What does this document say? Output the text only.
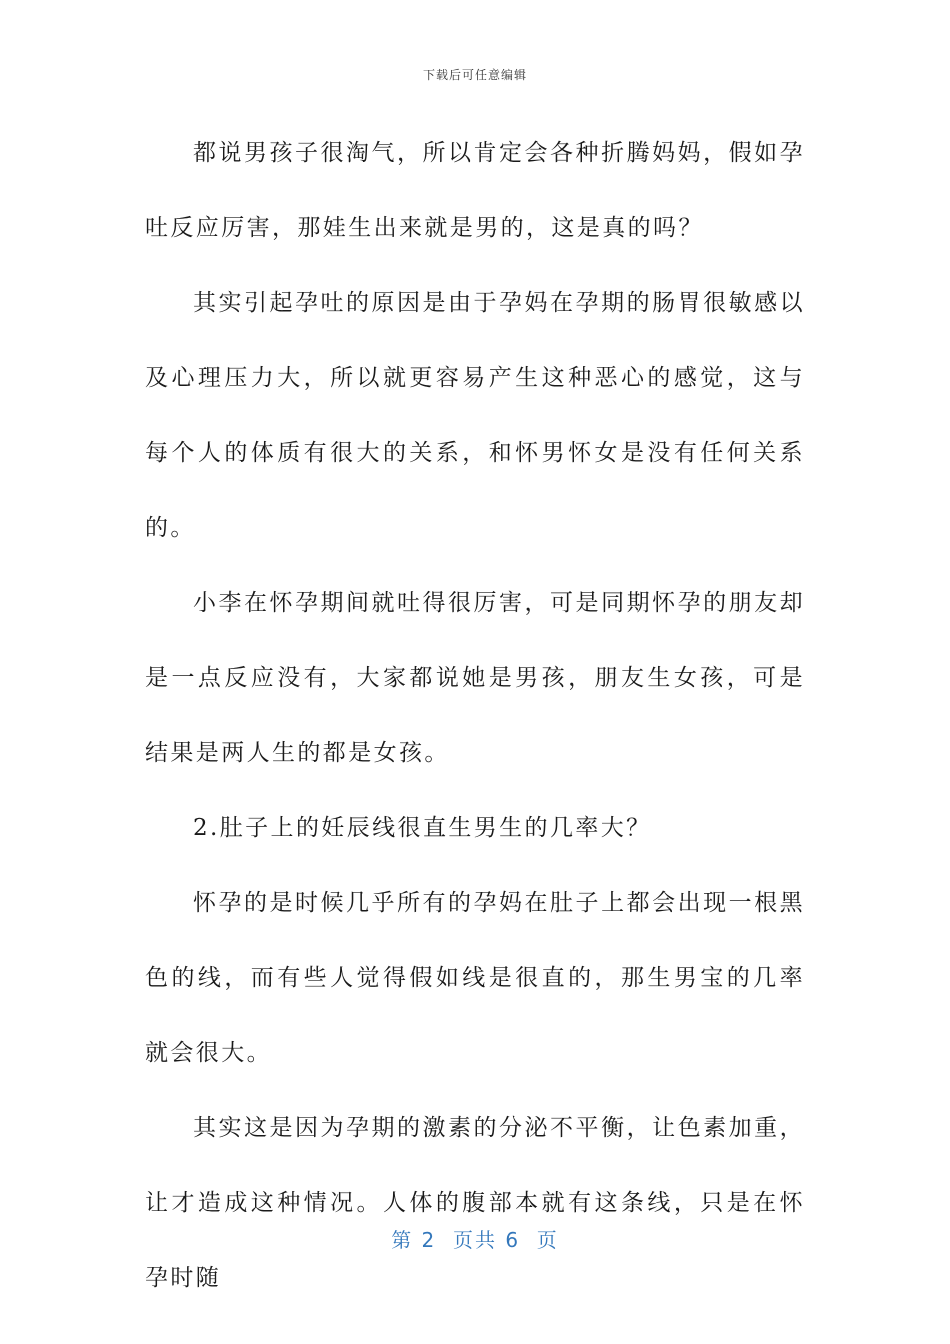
下载后可任意编辑

都说男孩子很淘气，所以肯定会各种折腾妈妈，假如孕吐反应厉害，那娃生出来就是男的，这是真的吗？

其实引起孕吐的原因是由于孕妈在孕期的肠胃很敏感以及心理压力大，所以就更容易产生这种恶心的感觉，这与每个人的体质有很大的关系，和怀男怀女是没有任何关系的。

小李在怀孕期间就吐得很厉害，可是同期怀孕的朋友却是一点反应没有，大家都说她是男孩，朋友生女孩，可是结果是两人生的都是女孩。

2.肚子上的妊辰线很直生男生的几率大？

怀孕的是时候几乎所有的孕妈在肚子上都会出现一根黑色的线，而有些人觉得假如线是很直的，那生男宝的几率就会很大。

其实这是因为孕期的激素的分泌不平衡，让色素加重，让才造成这种情况。人体的腹部本就有这条线，只是在怀孕时随

第 2  页共 6  页
